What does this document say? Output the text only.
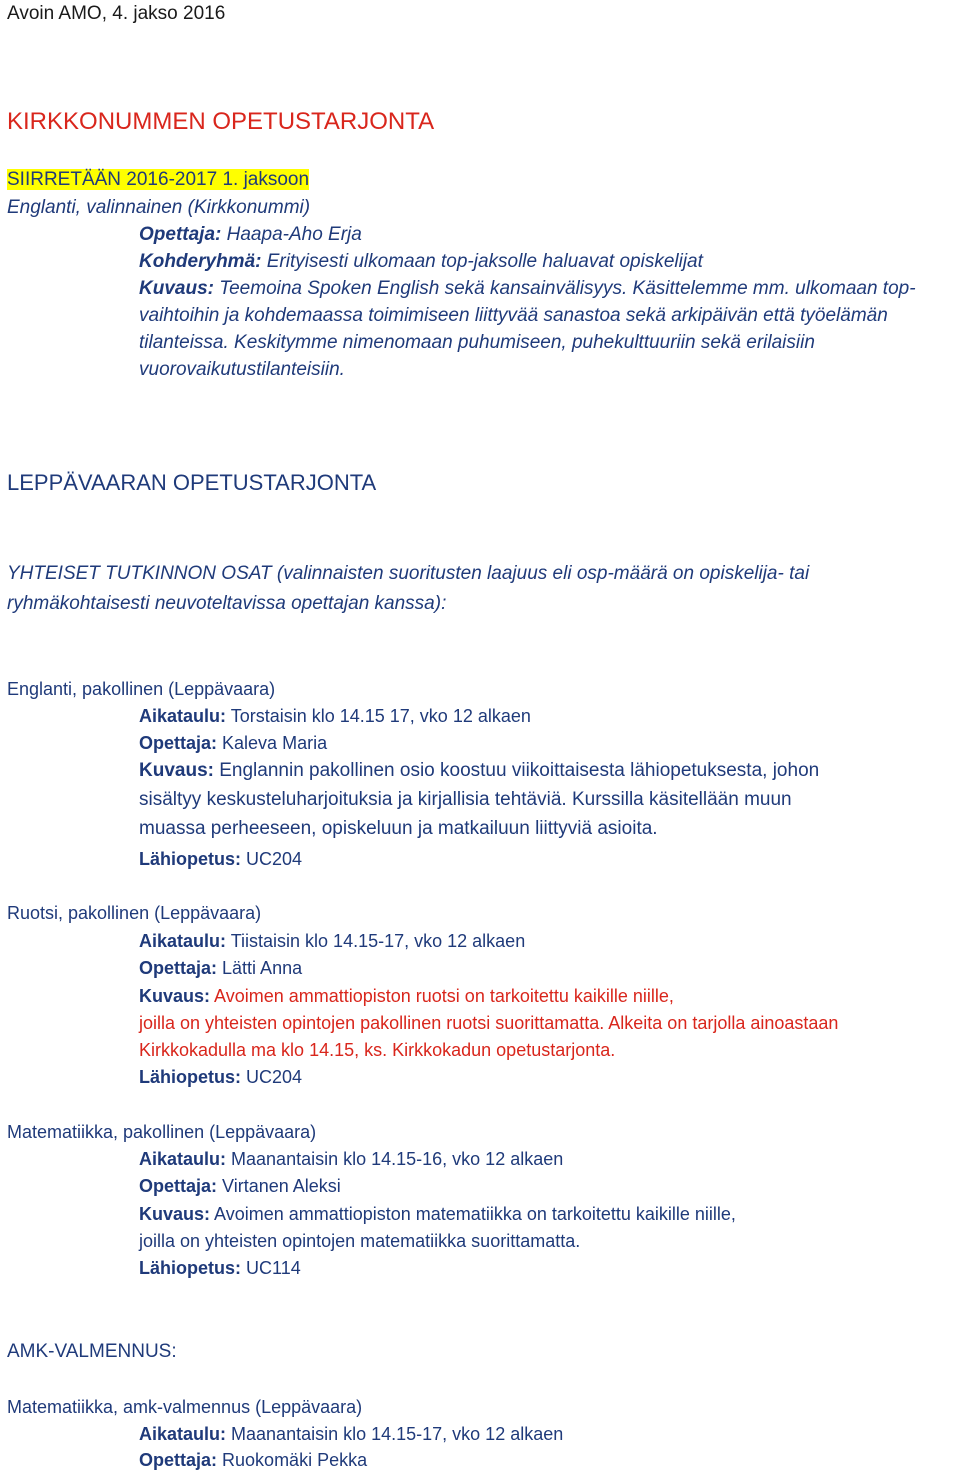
Avoin AMO, 4. jakso 2016
KIRKKONUMMEN OPETUSTARJONTA
SIIRRETÄÄN 2016-2017 1. jaksoon
Englanti, valinnainen (Kirkkonummi)
Opettaja: Haapa-Aho Erja
Kohderyhmä: Erityisesti ulkomaan top-jaksolle haluavat opiskelijat
Kuvaus: Teemoina Spoken English sekä kansainvälisyys. Käsittelemme mm. ulkomaan top-
vaihtoihin ja kohdemaassa toimimiseen liittyvää sanastoa sekä arkipäivän että työelämän
tilanteissa. Keskitymme nimenomaan puhumiseen, puhekulttuuriin sekä erilaisiin
vuorovaikutustilanteisiin.
LEPPÄVAARAN OPETUSTARJONTA
YHTEISET TUTKINNON OSAT (valinnaisten suoritusten laajuus eli osp-määrä on opiskelija- tai
ryhmäkohtaisesti neuvoteltavissa opettajan kanssa):
Englanti, pakollinen (Leppävaara)
Aikataulu: Torstaisin klo 14.15 17, vko 12 alkaen
Opettaja: Kaleva Maria
Kuvaus: Englannin pakollinen osio koostuu viikoittaisesta lähiopetuksesta, johon
sisältyy keskusteluharjoituksia ja kirjallisia tehtäviä. Kurssilla käsitellään muun
muassa perheeseen, opiskeluun ja matkailuun liittyviä asioita.
Lähiopetus: UC204
Ruotsi, pakollinen (Leppävaara)
Aikataulu: Tiistaisin klo 14.15-17, vko 12 alkaen
Opettaja: Lätti Anna
Kuvaus: Avoimen ammattiopiston ruotsi on tarkoitettu kaikille niille,
joilla on yhteisten opintojen pakollinen ruotsi suorittamatta. Alkeita on tarjolla ainoastaan
Kirkkokadulla ma klo 14.15, ks. Kirkkokadun opetustarjonta.
Lähiopetus: UC204
Matematiikka, pakollinen (Leppävaara)
Aikataulu: Maanantaisin klo 14.15-16, vko 12 alkaen
Opettaja: Virtanen Aleksi
Kuvaus: Avoimen ammattiopiston matematiikka on tarkoitettu kaikille niille,
joilla on yhteisten opintojen matematiikka suorittamatta.
Lähiopetus: UC114
AMK-VALMENNUS:
Matematiikka, amk-valmennus (Leppävaara)
Aikataulu: Maanantaisin klo 14.15-17, vko 12 alkaen
Opettaja: Ruokomäki Pekka
